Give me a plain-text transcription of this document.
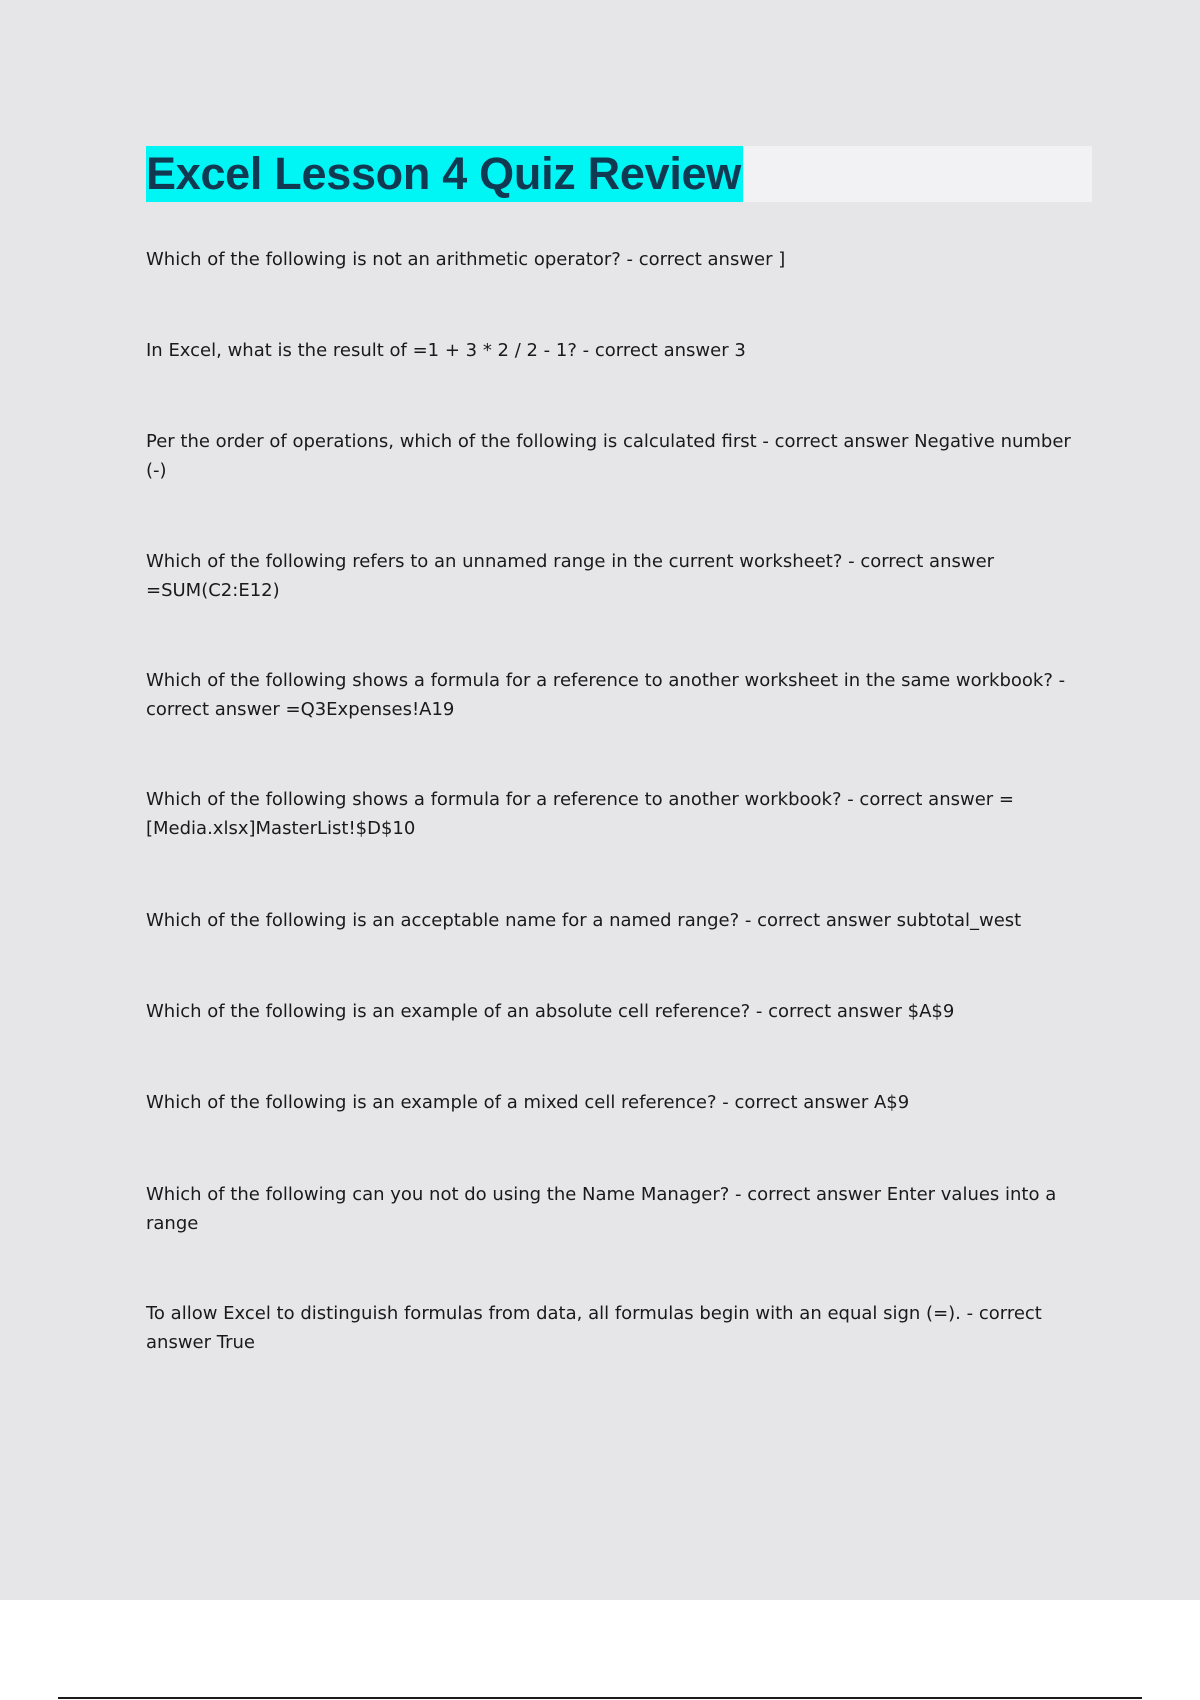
Excel Lesson 4 Quiz Review

Which of the following is not an arithmetic operator? - correct answer ]

In Excel, what is the result of =1 + 3 * 2 / 2 - 1? - correct answer 3

Per the order of operations, which of the following is calculated first - correct answer Negative number (-)

Which of the following refers to an unnamed range in the current worksheet? - correct answer =SUM(C2:E12)

Which of the following shows a formula for a reference to another worksheet in the same workbook? - correct answer =Q3Expenses!A19

Which of the following shows a formula for a reference to another workbook? - correct answer =[Media.xlsx]MasterList!$D$10

Which of the following is an acceptable name for a named range? - correct answer subtotal_west

Which of the following is an example of an absolute cell reference? - correct answer $A$9

Which of the following is an example of a mixed cell reference? - correct answer A$9

Which of the following can you not do using the Name Manager? - correct answer Enter values into a range

To allow Excel to distinguish formulas from data, all formulas begin with an equal sign (=). - correct answer True
